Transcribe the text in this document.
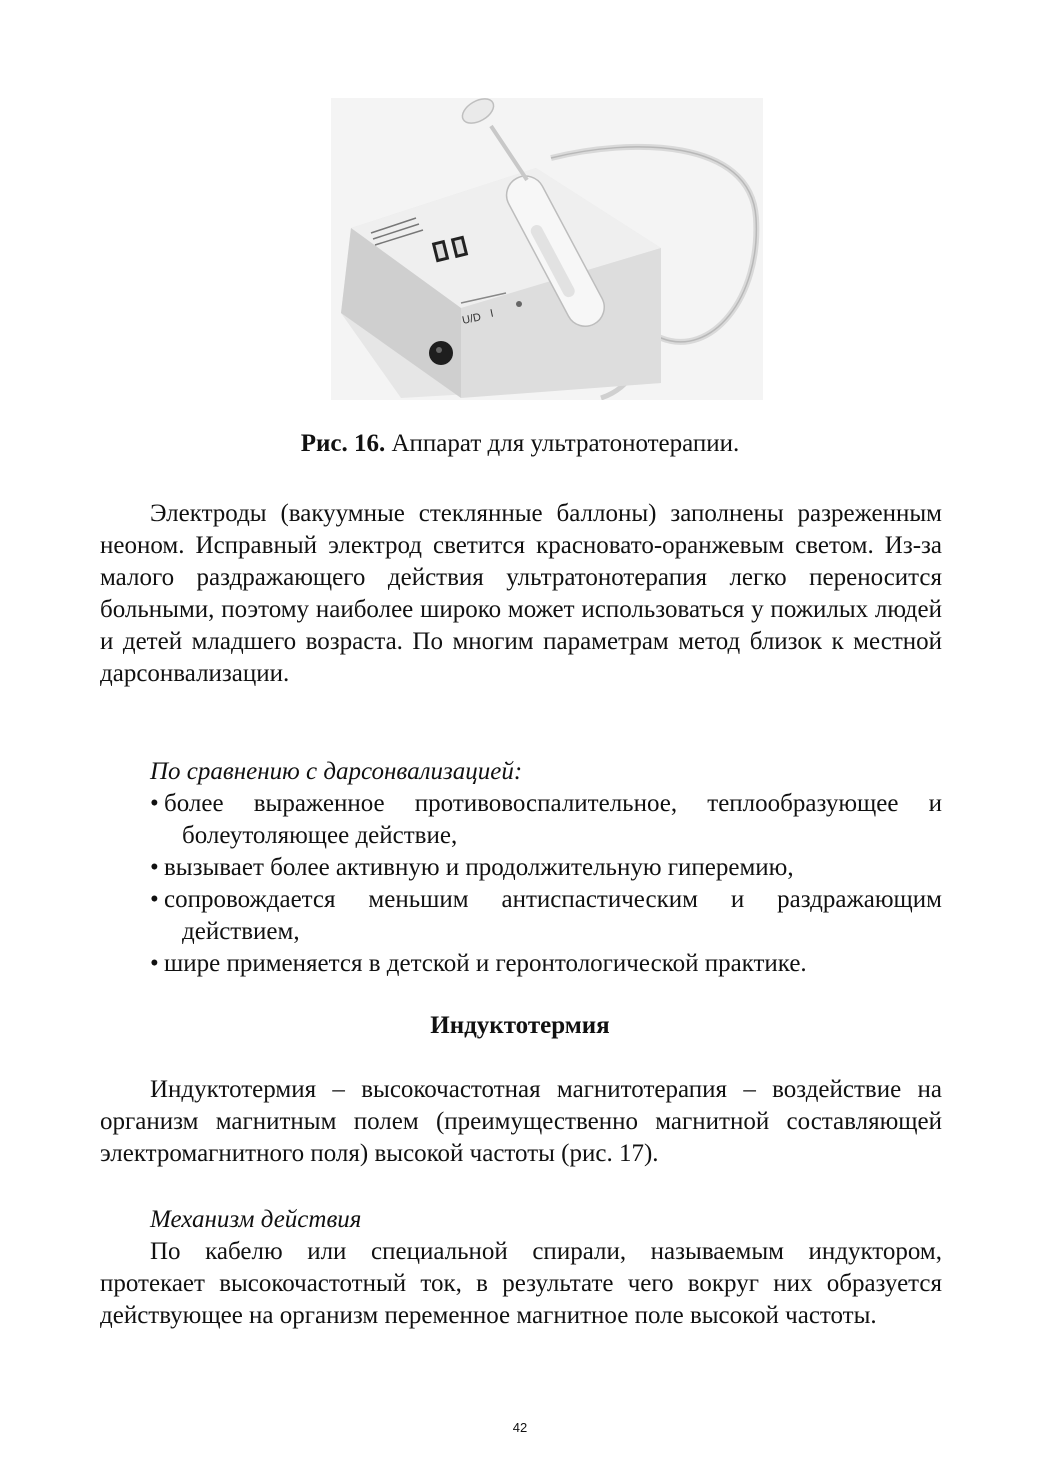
U/D I
Рис. 16. Аппарат для ультратонотерапии.

Электроды (вакуумные стеклянные баллоны) заполнены разреженным неоном. Исправный электрод светится красновато-оранжевым светом. Из-за малого раздражающего действия ультратонотерапия легко переносится больными, поэтому наиболее широко может использоваться у пожилых людей и детей младшего возраста. По многим параметрам метод близок к местной дарсонвализации.

По сравнению с дарсонвализацией:

• более выраженное противовоспалительное, теплообразующее и болеутоляющее действие,
• вызывает более активную и продолжительную гиперемию,
• сопровождается меньшим антиспастическим и раздражающим действием,
• шире применяется в детской и геронтологической практике.
Индуктотермия

Индуктотермия – высокочастотная магнитотерапия – воздействие на организм магнитным полем (преимущественно магнитной составляющей электромагнитного поля) высокой частоты (рис. 17).

Механизм действия

По кабелю или специальной спирали, называемым индуктором, протекает высокочастотный ток, в результате чего вокруг них образуется действующее на организм переменное магнитное поле высокой частоты.

42
